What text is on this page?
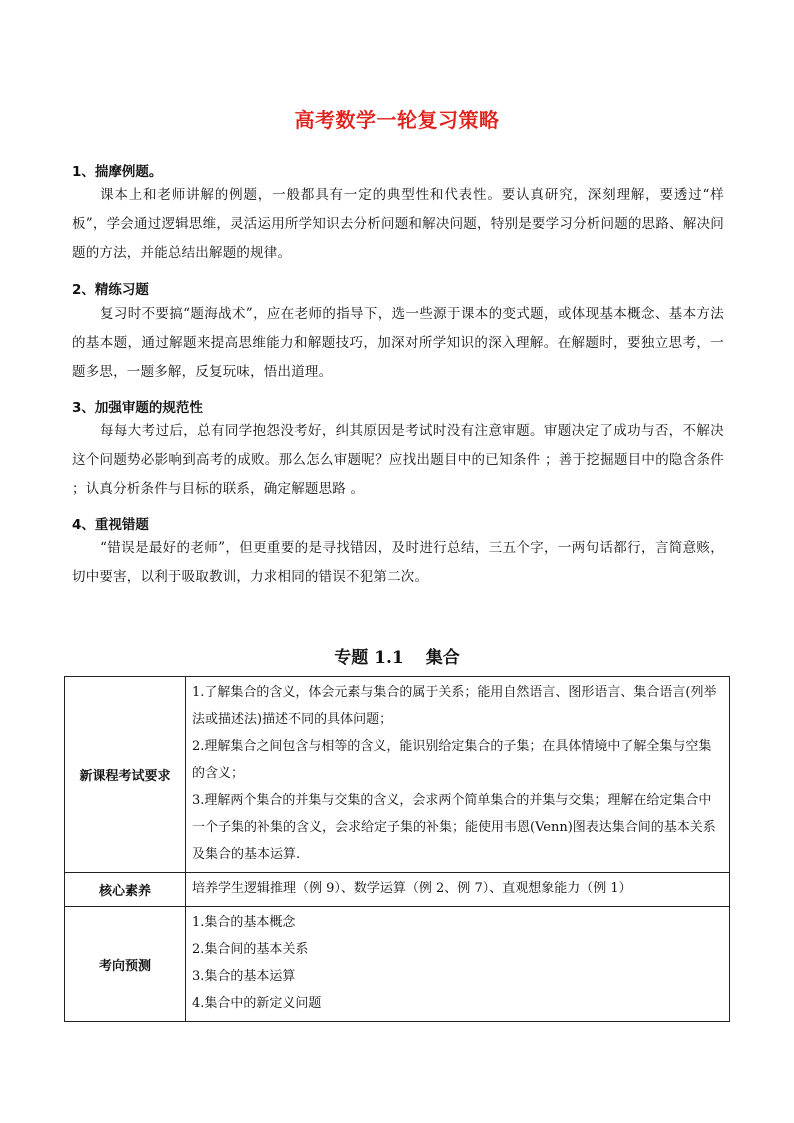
高考数学一轮复习策略
1、揣摩例题。
课本上和老师讲解的例题，一般都具有一定的典型性和代表性。要认真研究，深刻理解，要透过“样板”，学会通过逻辑思维，灵活运用所学知识去分析问题和解决问题，特别是要学习分析问题的思路、解决问题的方法，并能总结出解题的规律。
2、精练习题
复习时不要搞“题海战术”，应在老师的指导下，选一些源于课本的变式题，或体现基本概念、基本方法的基本题，通过解题来提高思维能力和解题技巧，加深对所学知识的深入理解。在解题时，要独立思考，一题多思，一题多解，反复玩味，悟出道理。
3、加强审题的规范性
每每大考过后，总有同学抱怨没考好，纠其原因是考试时没有注意审题。审题决定了成功与否，不解决这个问题势必影响到高考的成败。那么怎么审题呢？应找出题目中的已知条件 ；善于挖掘题目中的隐含条件 ；认真分析条件与目标的联系，确定解题思路 。
4、重视错题
“错误是最好的老师”，但更重要的是寻找错因，及时进行总结，三五个字，一两句话都行，言简意赅，切中要害，以利于吸取教训，力求相同的错误不犯第二次。
专题 1.1 集合
新课程考试要求	1.了解集合的含义，体会元素与集合的属于关系；能用自然语言、图形语言、集合语言(列举法或描述法)描述不同的具体问题；

2.理解集合之间包含与相等的含义，能识别给定集合的子集；在具体情境中了解全集与空集的含义；

3.理解两个集合的并集与交集的含义，会求两个简单集合的并集与交集；理解在给定集合中一个子集的补集的含义，会求给定子集的补集；能使用韦恩(Venn)图表达集合间的基本关系及集合的基本运算.

核心素养	培养学生逻辑推理（例 9）、数学运算（例 2、例 7）、直观想象能力（例 1）

考向预测	1.集合的基本概念

2.集合间的基本关系

3.集合的基本运算

4.集合中的新定义问题
